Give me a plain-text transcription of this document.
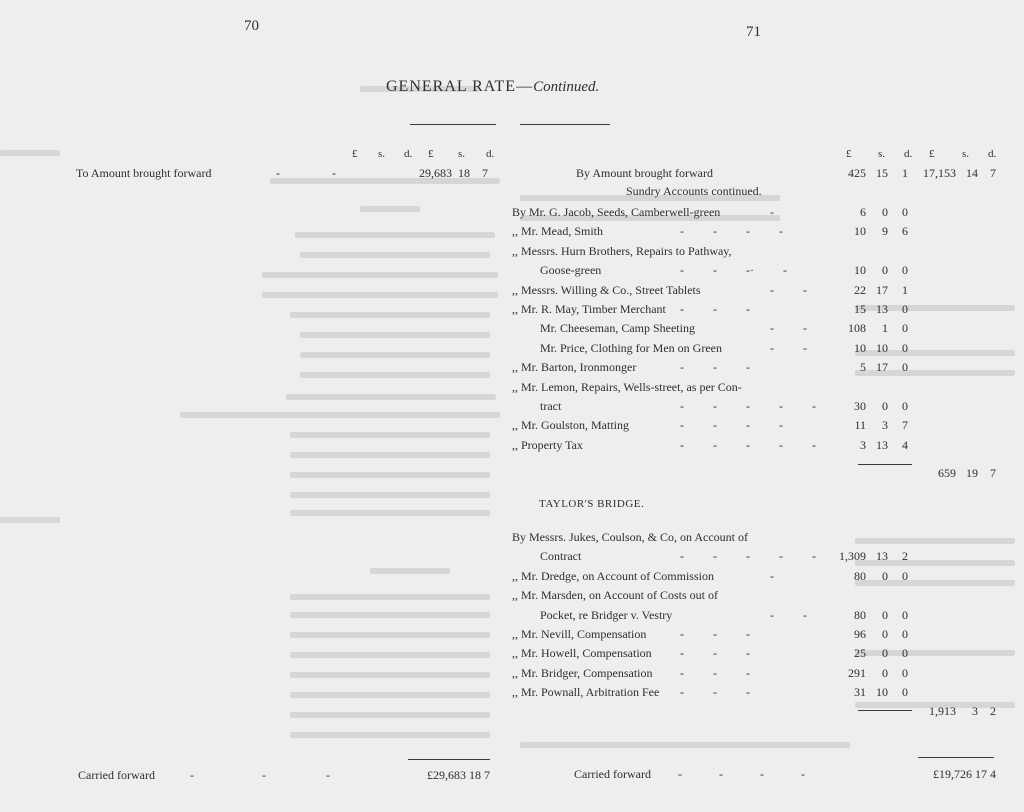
70	71
GENERAL RATE—Continued.
£ s. d. £ s. d.
To Amount brought forward	-	-	29,683 18	7
Carried forward	-	-	-	£29,683 18 7
£ s. d. £	s. d.
By Amount brought forward	425 15	1	17,153 14	7
Sundry Accounts continued.
By Mr. G. Jacob, Seeds, Camberwell-green	-	6	0	0
,, Mr. Mead, Smith	- - - -	10	9	6
,, Messrs. Hurn Brothers, Repairs to Pathway,
Goose-green	- - -· -	10	0	0
,, Messrs. Willing & Co., Street Tablets	- -	22 17	1
,, Mr. R. May, Timber Merchant - - -	15 13	0
Mr. Cheeseman, Camp Sheeting	- -	108	1	0
Mr. Price, Clothing for Men on Green	- -	10 10	0
,, Mr. Barton, Ironmonger	- - -	5 17	0
,, Mr. Lemon, Repairs, Wells-street, as per Con-
tract	- - - - -	30	0	0
,, Mr. Goulston, Matting	- - - -	11	3	7
,, Property Tax	- - - - -	3 13	4
659 19	7
TAYLOR'S BRIDGE.
By Messrs. Jukes, Coulson, & Co, on Account of
Contract	- - - - -	1,309 13	2
,, Mr. Dredge, on Account of Commission	-	80	0	0
,, Mr. Marsden, on Account of Costs out of
Pocket, re Bridger v. Vestry	- -	80	0	0
,, Mr. Nevill, Compensation	- - -	96	0	0
,, Mr. Howell, Compensation - - -	25	0	0
,, Mr. Bridger, Compensation - - -	291	0	0
,, Mr. Pownall, Arbitration Fee - - -	31 10	0
1,913	3	2
Carried forward - - - -	£19,726 17 4
